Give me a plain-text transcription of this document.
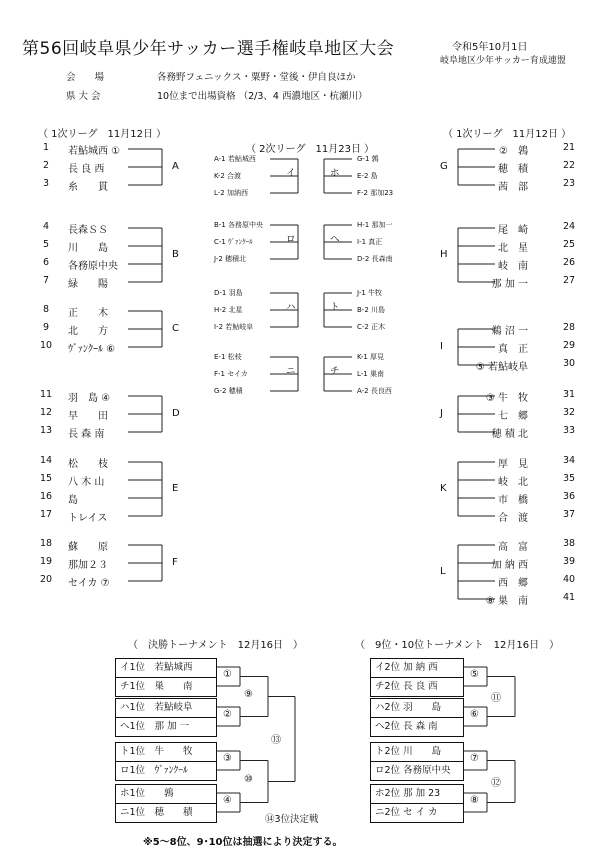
第56回岐阜県少年サッカー選手権岐阜地区大会	令和5年10月1日
岐阜地区少年サッカー育成連盟
会　　場	各務野フェニックス・粟野・堂後・伊自良ほか
県 大 会	10位まで出場資格 （2/3、4 西濃地区・杭瀬川）
（ 1次リーグ　11月12日 ）	（ 1次リーグ　11月12日 ）
（ 2次リーグ　11月23日 ）
1 若鮎城西 ①
2 長 良 西
3 糸　　貫
A
4 長森ＳＳ
5 川　　島
6 各務原中央
7 緑　　陽
B
8 正　　木
9 北　　方
10 ｳﾞｧﾝｸｰﾙ ⑥
C
11 羽　島 ④
12 早　　田
13 長 森 南
D
14 松　　枝
15 八 木 山
16 島
17 トレイス
E
18 蘇　　原
19 那加２３
20 セイカ ⑦
F
②　鶉	21
穂　積	22
茜　部	23
G
尾　崎	24
北　星	25
岐　南	26
那 加 一	27
H
鵜 沼 一	28
真　正	29
⑤ 若鮎岐阜	30
I
③ 牛　牧	31
七　郷	32
穂 積 北	33
J
厚　見	34
岐　北	35
市　橋	36
合　渡	37
K
高　富	38
加 納 西	39
西　郷	40
⑧ 巣　南	41
L
A-1 若鮎城西
K-2 合渡
L-2 加納西
G-1 鶉
E-2 島
F-2 那加23
イ	ホ
B-1 各務原中央
C-1 ｳﾞｧﾝｸｰﾙ
J-2 穂積北
H-1 那加一
I-1 真正
D-2 長森南
ロ	ヘ
D-1 羽島
H-2 北星
I-2 若鮎岐阜
J-1 牛牧
B-2 川島
C-2 正木
ハ	ト
E-1 松枝
F-1 セイカ
G-2 穂積
K-1 厚見
L-1 巣南
A-2 長良西
ニ	チ
イ1位　若鮎城西
チ1位　巣　　南
①
ハ1位　若鮎岐阜
ヘ1位　那 加 一
②
ト1位　牛　　牧
ロ1位　ｳﾞｧﾝｸｰﾙ
③
ホ1位　　鶉
ニ1位　穂　　積
④
⑨
⑩
⑬
イ2位 加 納 西
チ2位 長 良 西
⑤
ハ2位 羽　　島
ヘ2位 長 森 南
⑥
ト2位 川　　島
ロ2位 各務原中央
⑦
ホ2位 那 加 23
ニ2位 セ イ カ
⑧
⑪
⑫
（　決勝トーナメント　12月16日　）	（　9位・10位トーナメント　12月16日　）
⑭3位決定戦
※5～8位、9･10位は抽選により決定する。
